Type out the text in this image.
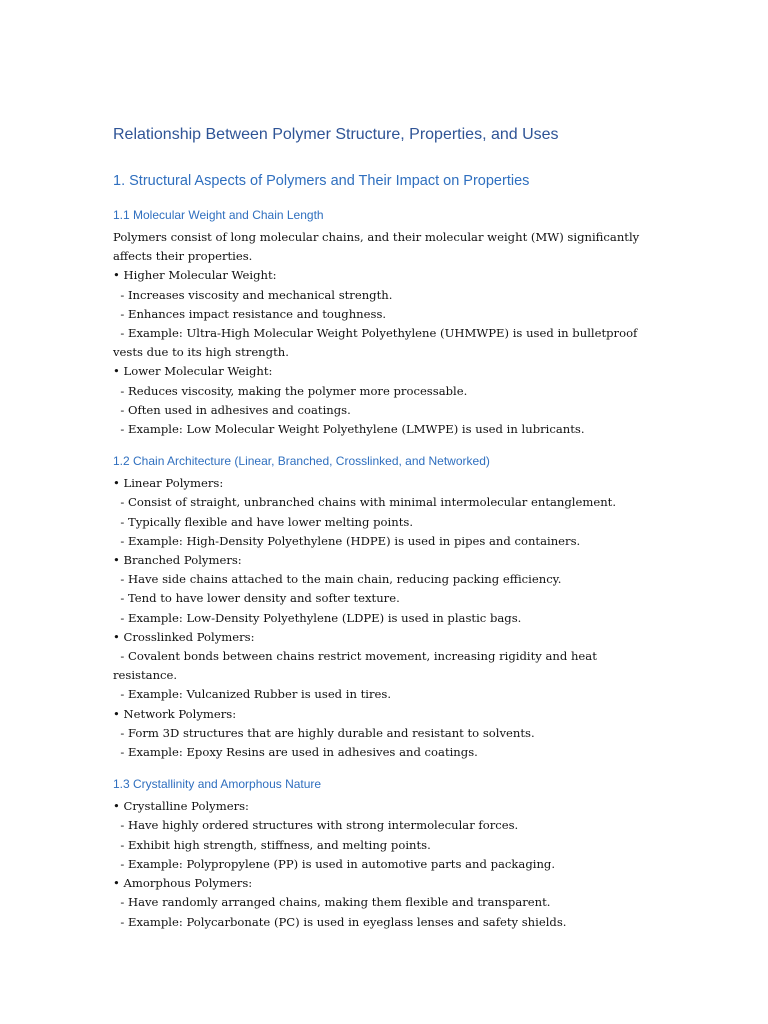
Relationship Between Polymer Structure, Properties, and Uses
1. Structural Aspects of Polymers and Their Impact on Properties
1.1 Molecular Weight and Chain Length
Polymers consist of long molecular chains, and their molecular weight (MW) significantly
affects their properties.
• Higher Molecular Weight:
- Increases viscosity and mechanical strength.
- Enhances impact resistance and toughness.
- Example: Ultra-High Molecular Weight Polyethylene (UHMWPE) is used in bulletproof
vests due to its high strength.
• Lower Molecular Weight:
- Reduces viscosity, making the polymer more processable.
- Often used in adhesives and coatings.
- Example: Low Molecular Weight Polyethylene (LMWPE) is used in lubricants.
1.2 Chain Architecture (Linear, Branched, Crosslinked, and Networked)
• Linear Polymers:
- Consist of straight, unbranched chains with minimal intermolecular entanglement.
- Typically flexible and have lower melting points.
- Example: High-Density Polyethylene (HDPE) is used in pipes and containers.
• Branched Polymers:
- Have side chains attached to the main chain, reducing packing efficiency.
- Tend to have lower density and softer texture.
- Example: Low-Density Polyethylene (LDPE) is used in plastic bags.
• Crosslinked Polymers:
- Covalent bonds between chains restrict movement, increasing rigidity and heat
resistance.
- Example: Vulcanized Rubber is used in tires.
• Network Polymers:
- Form 3D structures that are highly durable and resistant to solvents.
- Example: Epoxy Resins are used in adhesives and coatings.
1.3 Crystallinity and Amorphous Nature
• Crystalline Polymers:
- Have highly ordered structures with strong intermolecular forces.
- Exhibit high strength, stiffness, and melting points.
- Example: Polypropylene (PP) is used in automotive parts and packaging.
• Amorphous Polymers:
- Have randomly arranged chains, making them flexible and transparent.
- Example: Polycarbonate (PC) is used in eyeglass lenses and safety shields.
